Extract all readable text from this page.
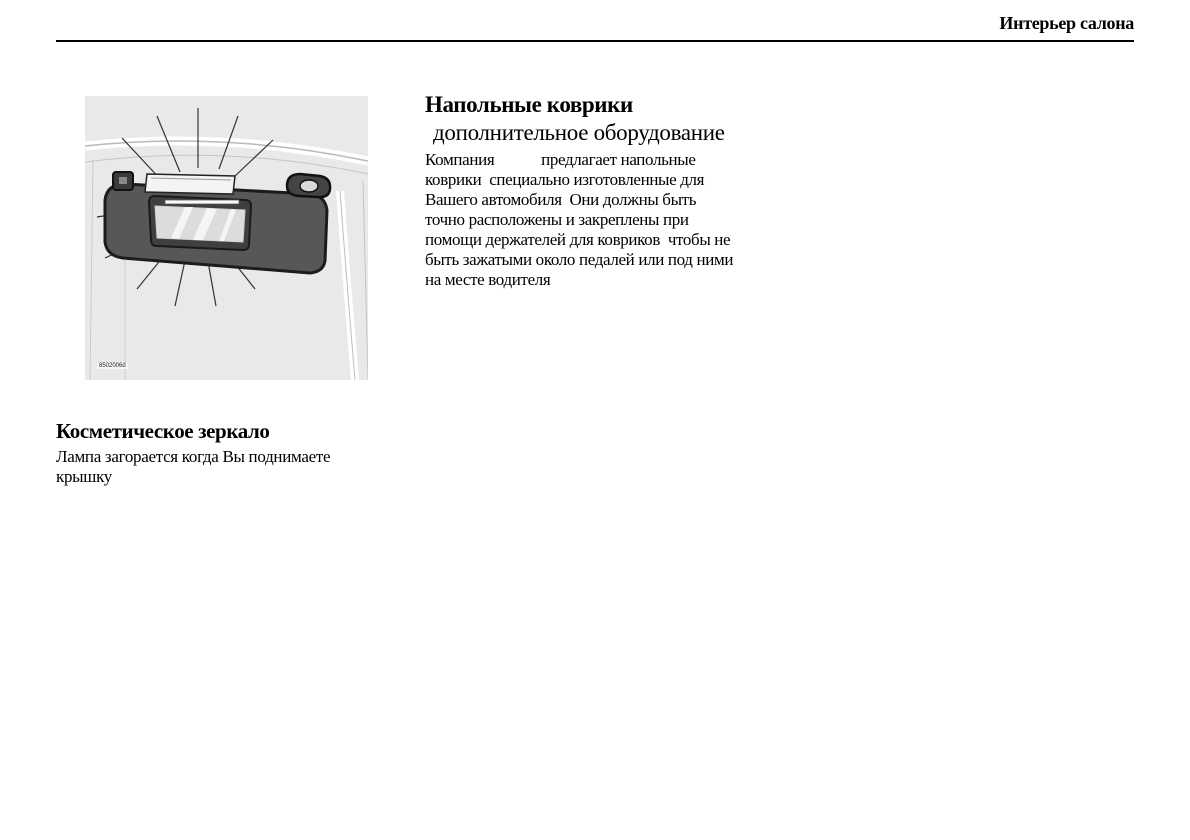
Интерьер салона
8502006d
Косметическое зеркало

Лампа загорается когда Вы поднимаете крышку

Напольные коврики
дополнительное оборудование
Компания            предлагает напольные
коврики  специально изготовленные для
Вашего автомобиля  Они должны быть
точно расположены и закреплены при
помощи держателей для ковриков  чтобы не
быть зажатыми около педалей или под ними
на месте водителя
